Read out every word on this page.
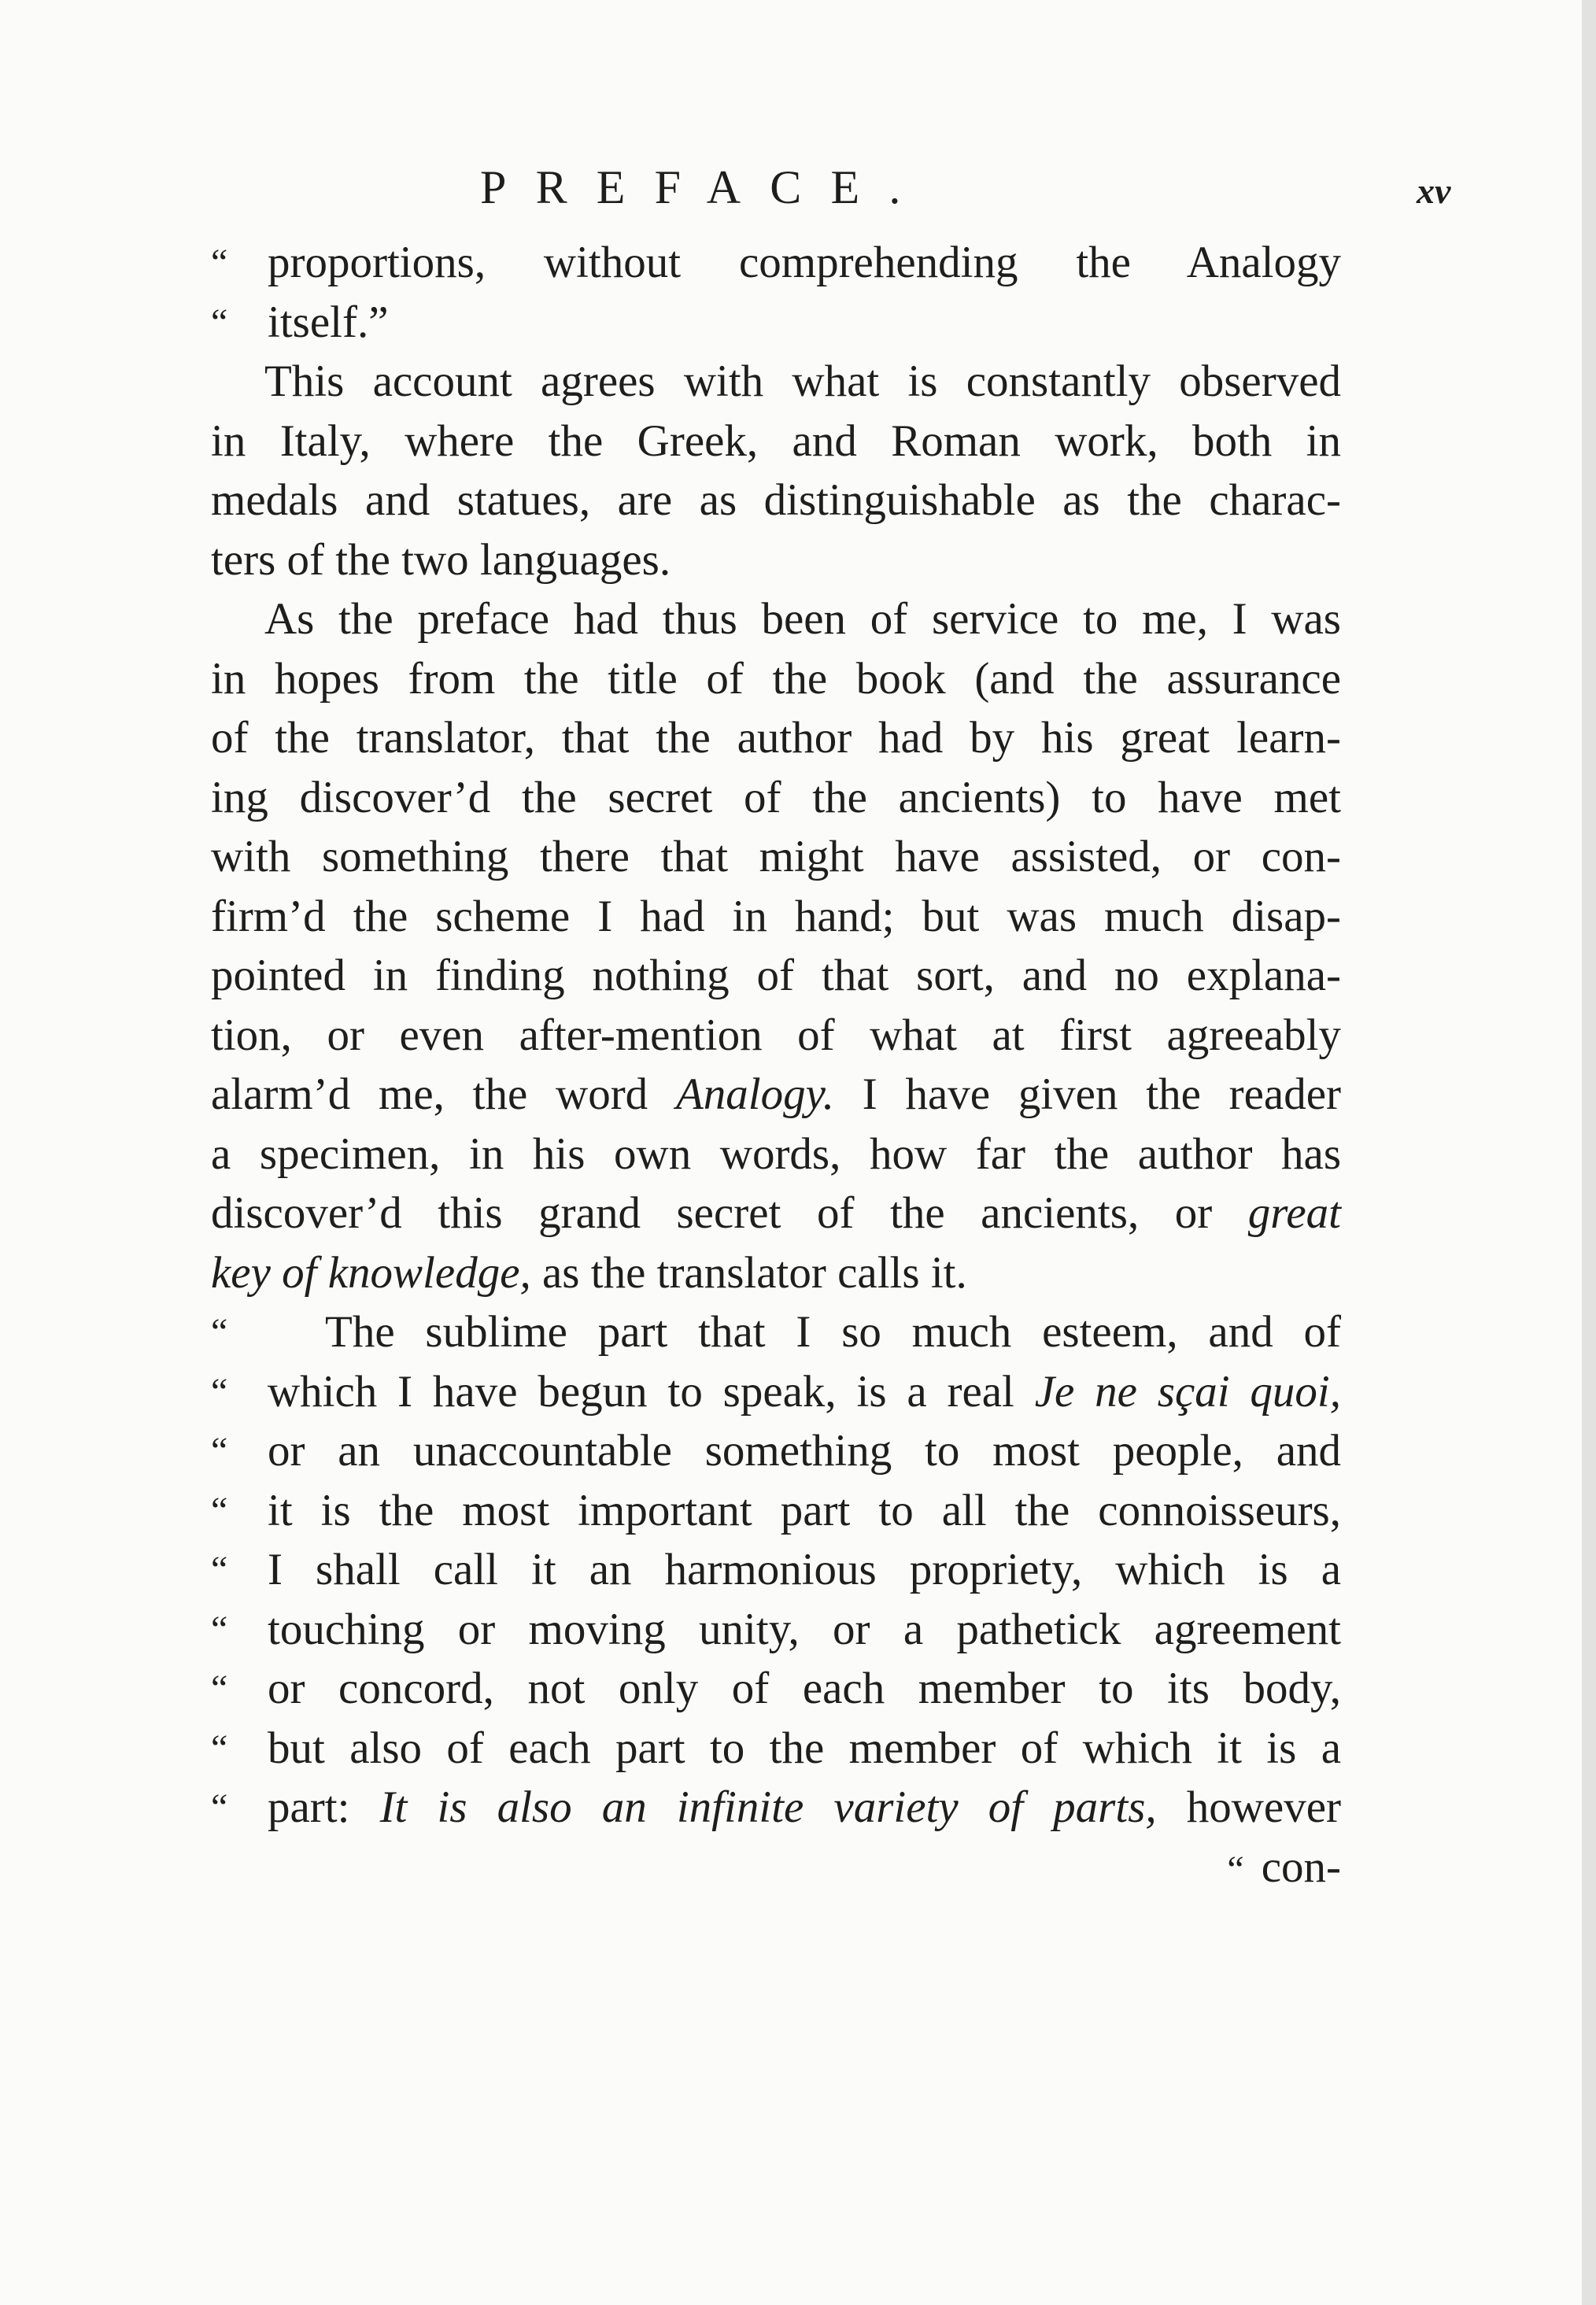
PREFACE.	xv
“ proportions, without comprehending the Analogy
“ itself.”
This account agrees with what is constantly observed
in Italy, where the Greek, and Roman work, both in
medals and statues, are as distinguishable as the charac-
ters of the two languages.
As the preface had thus been of service to me, I was
in hopes from the title of the book (and the assurance
of the translator, that the author had by his great learn-
ing discover’d the secret of the ancients) to have met
with something there that might have assisted, or con-
firm’d the scheme I had in hand; but was much disap-
pointed in finding nothing of that sort, and no explana-
tion, or even after-mention of what at first agreeably
alarm’d me, the word Analogy. I have given the reader
a specimen, in his own words, how far the author has
discover’d this grand secret of the ancients, or great
key of knowledge, as the translator calls it.
“ The sublime part that I so much esteem, and of
“ which I have begun to speak, is a real Je ne sçai quoi,
“ or an unaccountable something to most people, and
“ it is the most important part to all the connoisseurs,
“ I shall call it an harmonious propriety, which is a
“ touching or moving unity, or a pathetick agreement
“ or concord, not only of each member to its body,
“ but also of each part to the member of which it is a
“ part: It is also an infinite variety of parts, however
“ con-
